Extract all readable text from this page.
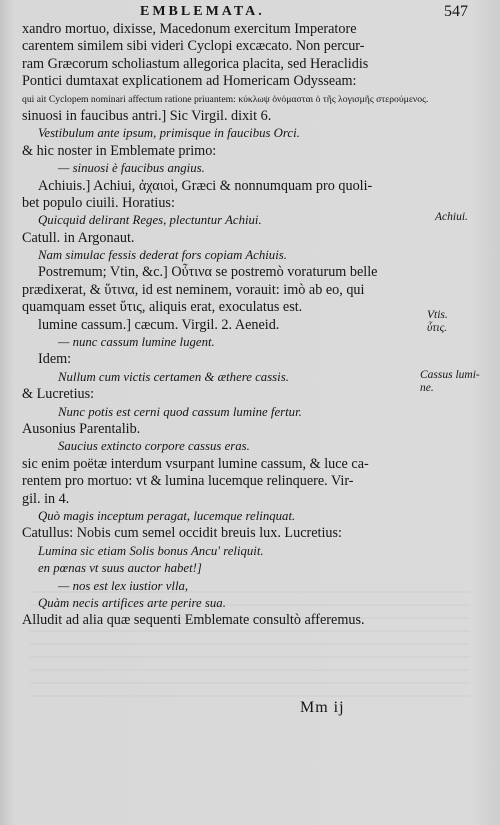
EMBLEMATA.	547
xandro mortuo, dixisse, Macedonum exercitum Imperatore
carentem similem sibi videri Cyclopi excæcato. Non percur-
ram Græcorum scholiastum allegorica placita, sed Heraclidis
Pontici dumtaxat explicationem ad Homericam Odysseam:
qui ait Cyclopem nominari affectum ratione priuantem: κύκλωψ ὀνόμασται ὁ τῆς λογισμῆς στερούμενος.
sinuosi in faucibus antri.] Sic Virgil. dixit 6.
Vestibulum ante ipsum, primisque in faucibus Orci.
& hic noster in Emblemate primo:
— sinuosi è faucibus angius.
Achiuis.] Achiui, ἀχαιοὶ, Græci & nonnumquam pro quoli-
bet populo ciuili. Horatius:
Quicquid delirant Reges, plectuntur Achiui.
Catull. in Argonaut.
Nam simulac fessis dederat fors copiam Achiuis.
Postremum; Vtin, &c.] Οὖτινα se postremò voraturum belle
prædixerat, & ὕτινα, id est neminem, vorauit: imò ab eo, qui
quamquam esset ὕτις, aliquis erat, exoculatus est.
lumine cassum.] cæcum. Virgil. 2. Aeneid.
— nunc cassum lumine lugent.
Idem:
Nullum cum victis certamen & æthere cassis.
& Lucretius:
Nunc potis est cerni quod cassum lumine fertur.
Ausonius Parentalib.
Saucius extincto corpore cassus eras.
sic enim poëtæ interdum vsurpant lumine cassum, & luce ca-
rentem pro mortuo: vt & lumina lucemque relinquere. Vir-
gil. in 4.
Quò magis inceptum peragat, lucemque relinquat.
Catullus: Nobis cum semel occidit breuis lux. Lucretius:
Lumina sic etiam Solis bonus Ancu' reliquit.
en pœnas vt suus auctor habet!]
— nos est lex iustior vlla,
Quàm necis artifices arte perire sua.
Alludit ad alia quæ sequenti Emblemate consultò afferemus.
Achiui.
Vtis.
ὗτις.
Cassus lumi-
ne.
Mm ij
